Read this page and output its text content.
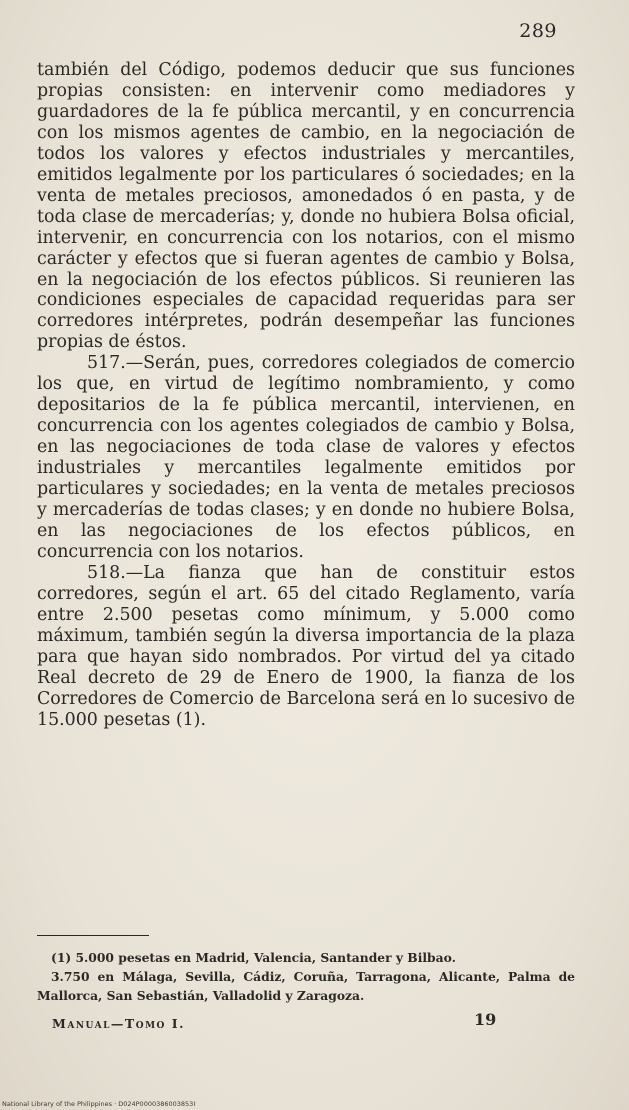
289

también del Código, podemos deducir que sus funciones propias consisten: en intervenir como mediadores y guardadores de la fe pública mercantil, y en concurrencia con los mismos agentes de cambio, en la negociación de todos los valores y efectos industriales y mercantiles, emitidos legalmente por los particulares ó sociedades; en la venta de metales preciosos, amonedados ó en pasta, y de toda clase de mercaderías; y, donde no hubiera Bolsa oficial, intervenir, en concurrencia con los notarios, con el mismo carácter y efectos que si fueran agentes de cambio y Bolsa, en la negociación de los efectos públicos. Si reunieren las condiciones especiales de capacidad requeridas para ser corredores intérpretes, podrán desempeñar las funciones propias de éstos.

517.—Serán, pues, corredores colegiados de comercio los que, en virtud de legítimo nombramiento, y como depositarios de la fe pública mercantil, intervienen, en concurrencia con los agentes colegiados de cambio y Bolsa, en las negociaciones de toda clase de valores y efectos industriales y mercantiles legalmente emitidos por particulares y sociedades; en la venta de metales preciosos y mercaderías de todas clases; y en donde no hubiere Bolsa, en las negociaciones de los efectos públicos, en concurrencia con los notarios.

518.—La fianza que han de constituir estos corredores, según el art. 65 del citado Reglamento, varía entre 2.500 pesetas como mínimum, y 5.000 como máximum, también según la diversa importancia de la plaza para que hayan sido nombrados. Por virtud del ya citado Real decreto de 29 de Enero de 1900, la fianza de los Corredores de Comercio de Barcelona será en lo sucesivo de 15.000 pesetas (1).

(1) 5.000 pesetas en Madrid, Valencia, Santander y Bilbao.

3.750 en Málaga, Sevilla, Cádiz, Coruña, Tarragona, Alicante, Palma de Mallorca, San Sebastián, Valladolid y Zaragoza.

Manual—Tomo I.	19
National Library of the Philippines · D024P0000386003853I
